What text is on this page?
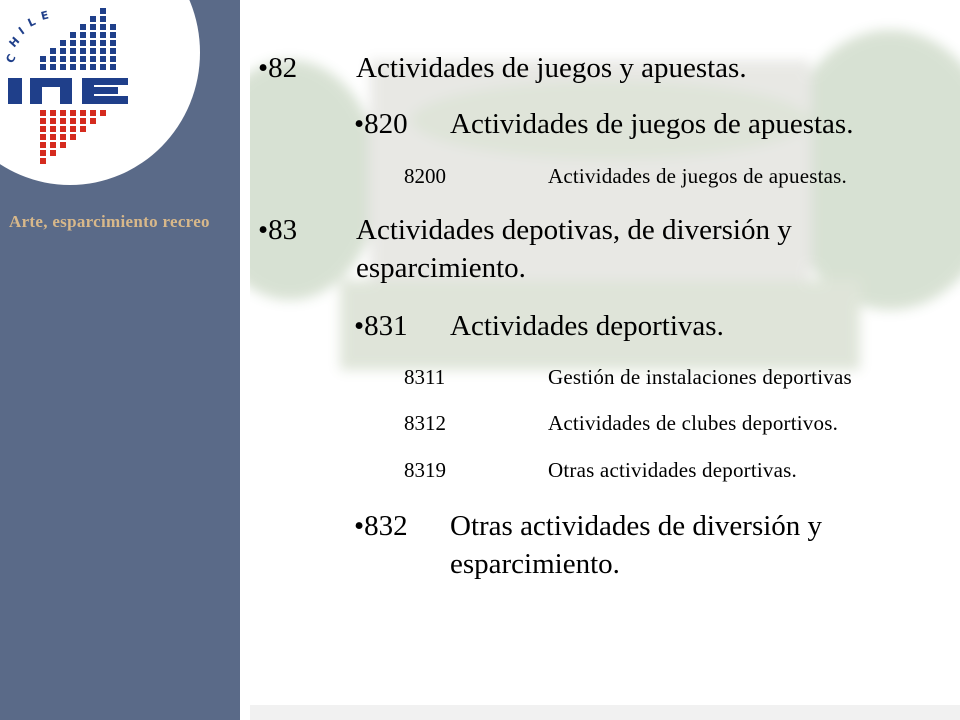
C
H
I
L E
Arte, esparcimiento recreo
•82 Actividades de juegos y apuestas.
•820 Actividades de juegos de apuestas.
8200	Actividades de juegos de apuestas.
•83 Actividades depotivas, de diversión y
esparcimiento.
•831 Actividades deportivas.
8311	Gestión de instalaciones deportivas
8312	Actividades de clubes deportivos.
8319	Otras actividades deportivas.
•832 Otras actividades de diversión y
esparcimiento.
